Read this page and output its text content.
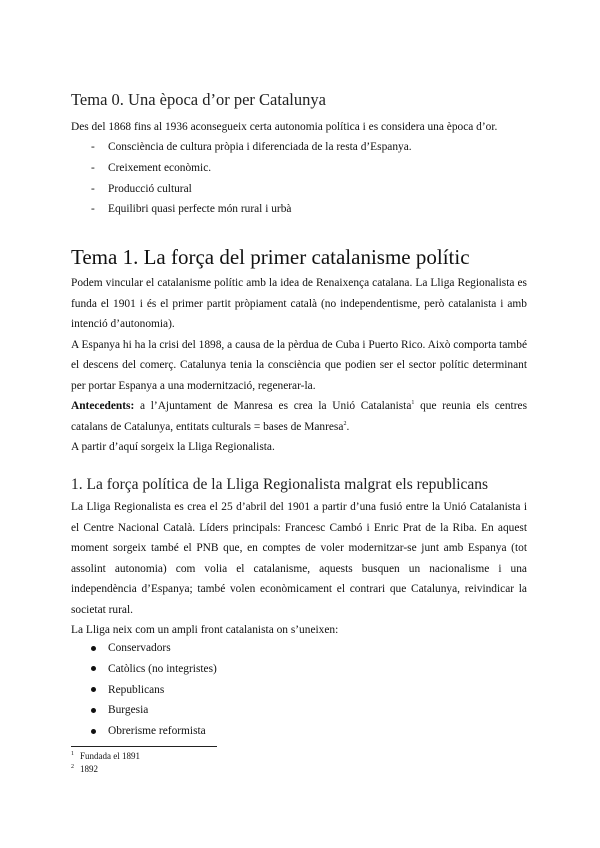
Tema 0. Una època d’or per Catalunya

Des del 1868 fins al 1936 aconsegueix certa autonomia política i es considera una època d’or.

- Consciència de cultura pròpia i diferenciada de la resta d’Espanya.
- Creixement econòmic.
- Producció cultural
- Equilibri quasi perfecte món rural i urbà
Tema 1. La força del primer catalanisme polític

Podem vincular el catalanisme polític amb la idea de Renaixença catalana. La Lliga Regionalista es funda el 1901 i és el primer partit pròpiament català (no independentisme, però catalanista i amb intenció d’autonomia).

A Espanya hi ha la crisi del 1898, a causa de la pèrdua de Cuba i Puerto Rico. Això comporta també el descens del comerç. Catalunya tenia la consciència que podien ser el sector polític determinant per portar Espanya a una modernització, regenerar-la.

Antecedents: a l’Ajuntament de Manresa es crea la Unió Catalanista$^1$ que reunia els centres catalans de Catalunya, entitats culturals = bases de Manresa$^2$.

A partir d’aquí sorgeix la Lliga Regionalista.

1. La força política de la Lliga Regionalista malgrat els republicans

La Lliga Regionalista es crea el 25 d’abril del 1901 a partir d’una fusió entre la Unió Catalanista i el Centre Nacional Català. Líders principals: Francesc Cambó i Enric Prat de la Riba. En aquest moment sorgeix també el PNB que, en comptes de voler modernitzar-se junt amb Espanya (tot assolint autonomia) com volia el catalanisme, aquests busquen un nacionalisme i una independència d’Espanya; també volen econòmicament el contrari que Catalunya, reivindicar la societat rural.

La Lliga neix com un ampli front catalanista on s’uneixen:

Conservadors
Catòlics (no integristes)
Republicans
Burgesia
Obrerisme reformista
1 Fundada el 1891
2 1892
